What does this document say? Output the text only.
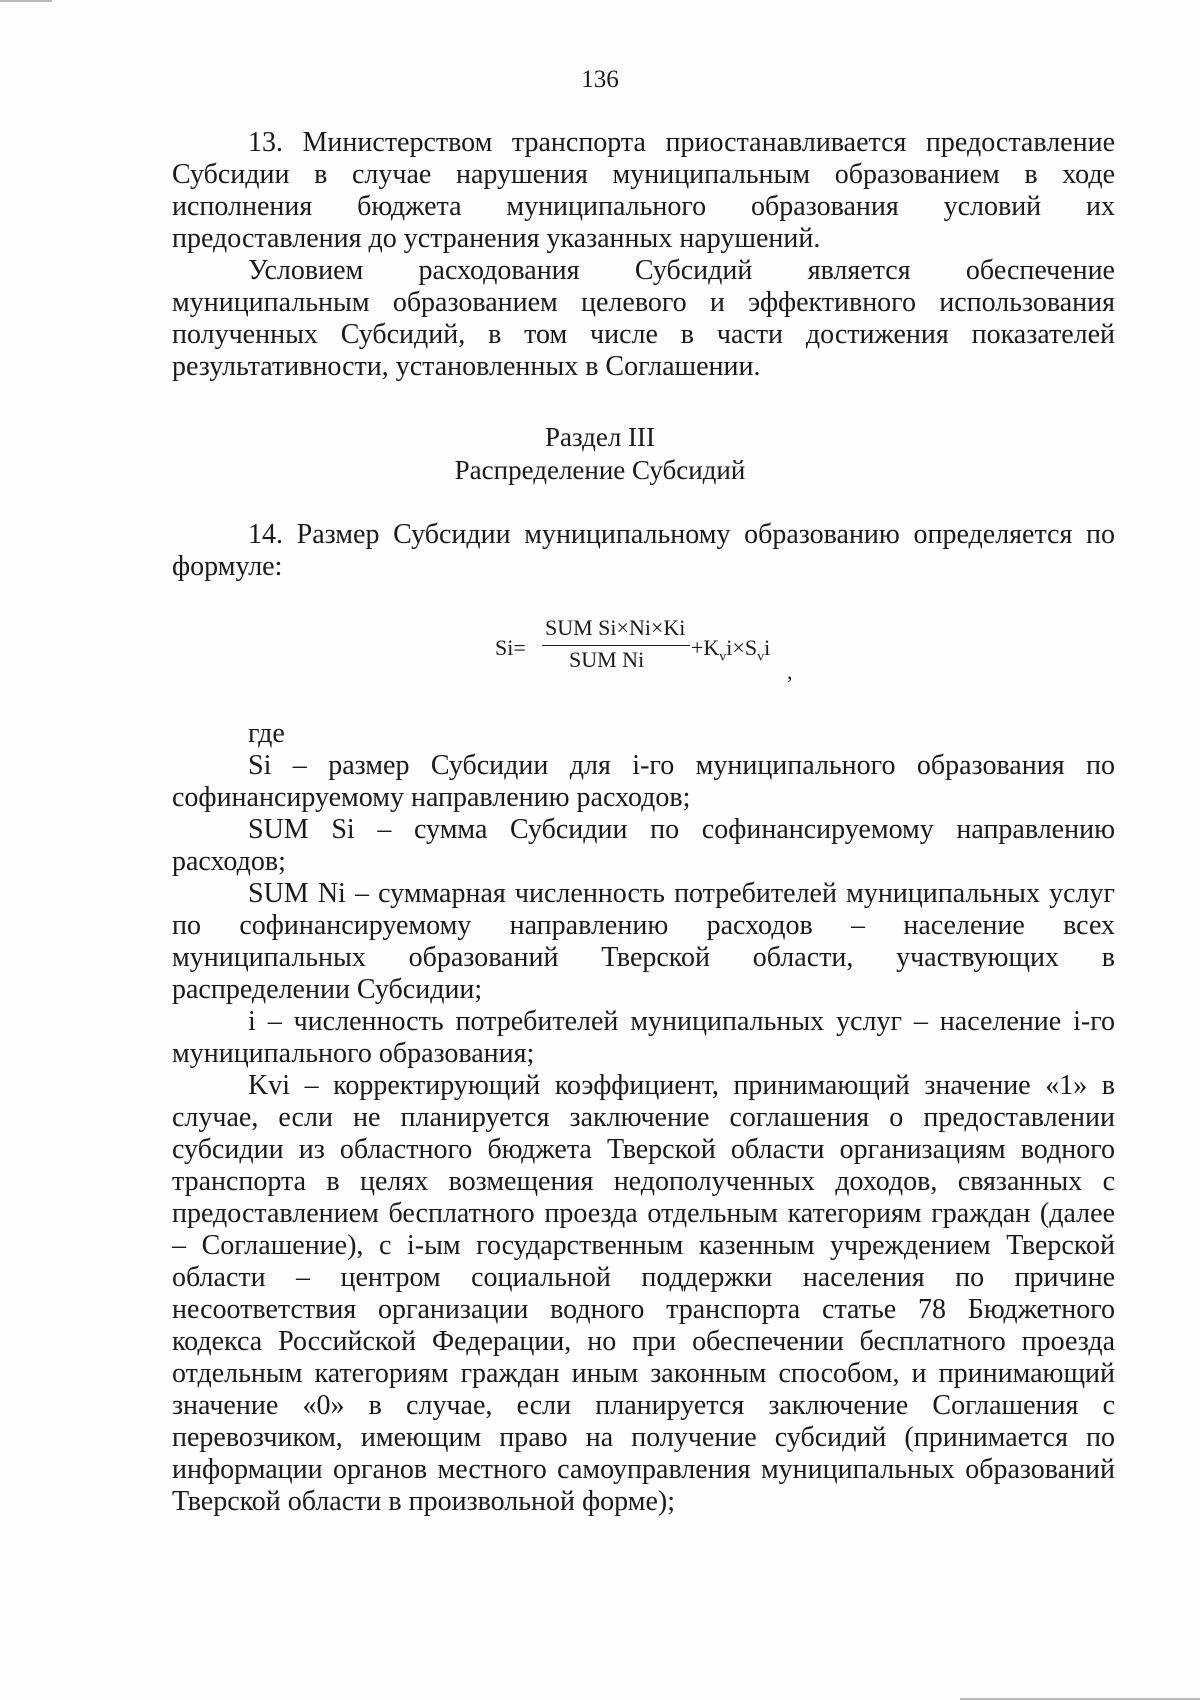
136

13. Министерством транспорта приостанавливается предоставление Субсидии в случае нарушения муниципальным образованием в ходе исполнения бюджета муниципального образования условий их предоставления до устранения указанных нарушений.

Условием расходования Субсидий является обеспечение муниципальным образованием целевого и эффективного использования полученных Субсидий, в том числе в части достижения показателей результативности, установленных в Соглашении.

Раздел III
Распределение Субсидий

14. Размер Субсидии муниципальному образованию определяется по формуле:

Si=
SUM Si×Ni×Ki
SUM $Ni +K_vi\times S_vi$
,

где

Si – размер Субсидии для i-го муниципального образования по софинансируемому направлению расходов;

SUM Si – сумма Субсидии по софинансируемому направлению расходов;

SUM Ni – суммарная численность потребителей муниципальных услуг по софинансируемому направлению расходов – население всех муниципальных образований Тверской области, участвующих в распределении Субсидии;

i – численность потребителей муниципальных услуг – население i-го муниципального образования;

Kvi – корректирующий коэффициент, принимающий значение «1» в случае, если не планируется заключение соглашения о предоставлении субсидии из областного бюджета Тверской области организациям водного транспорта в целях возмещения недополученных доходов, связанных с предоставлением бесплатного проезда отдельным категориям граждан (далее – Соглашение), с i-ым государственным казенным учреждением Тверской области – центром социальной поддержки населения по причине несоответствия организации водного транспорта статье 78 Бюджетного кодекса Российской Федерации, но при обеспечении бесплатного проезда отдельным категориям граждан иным законным способом, и принимающий значение «0» в случае, если планируется заключение Соглашения с перевозчиком, имеющим право на получение субсидий (принимается по информации органов местного самоуправления муниципальных образований Тверской области в произвольной форме);
